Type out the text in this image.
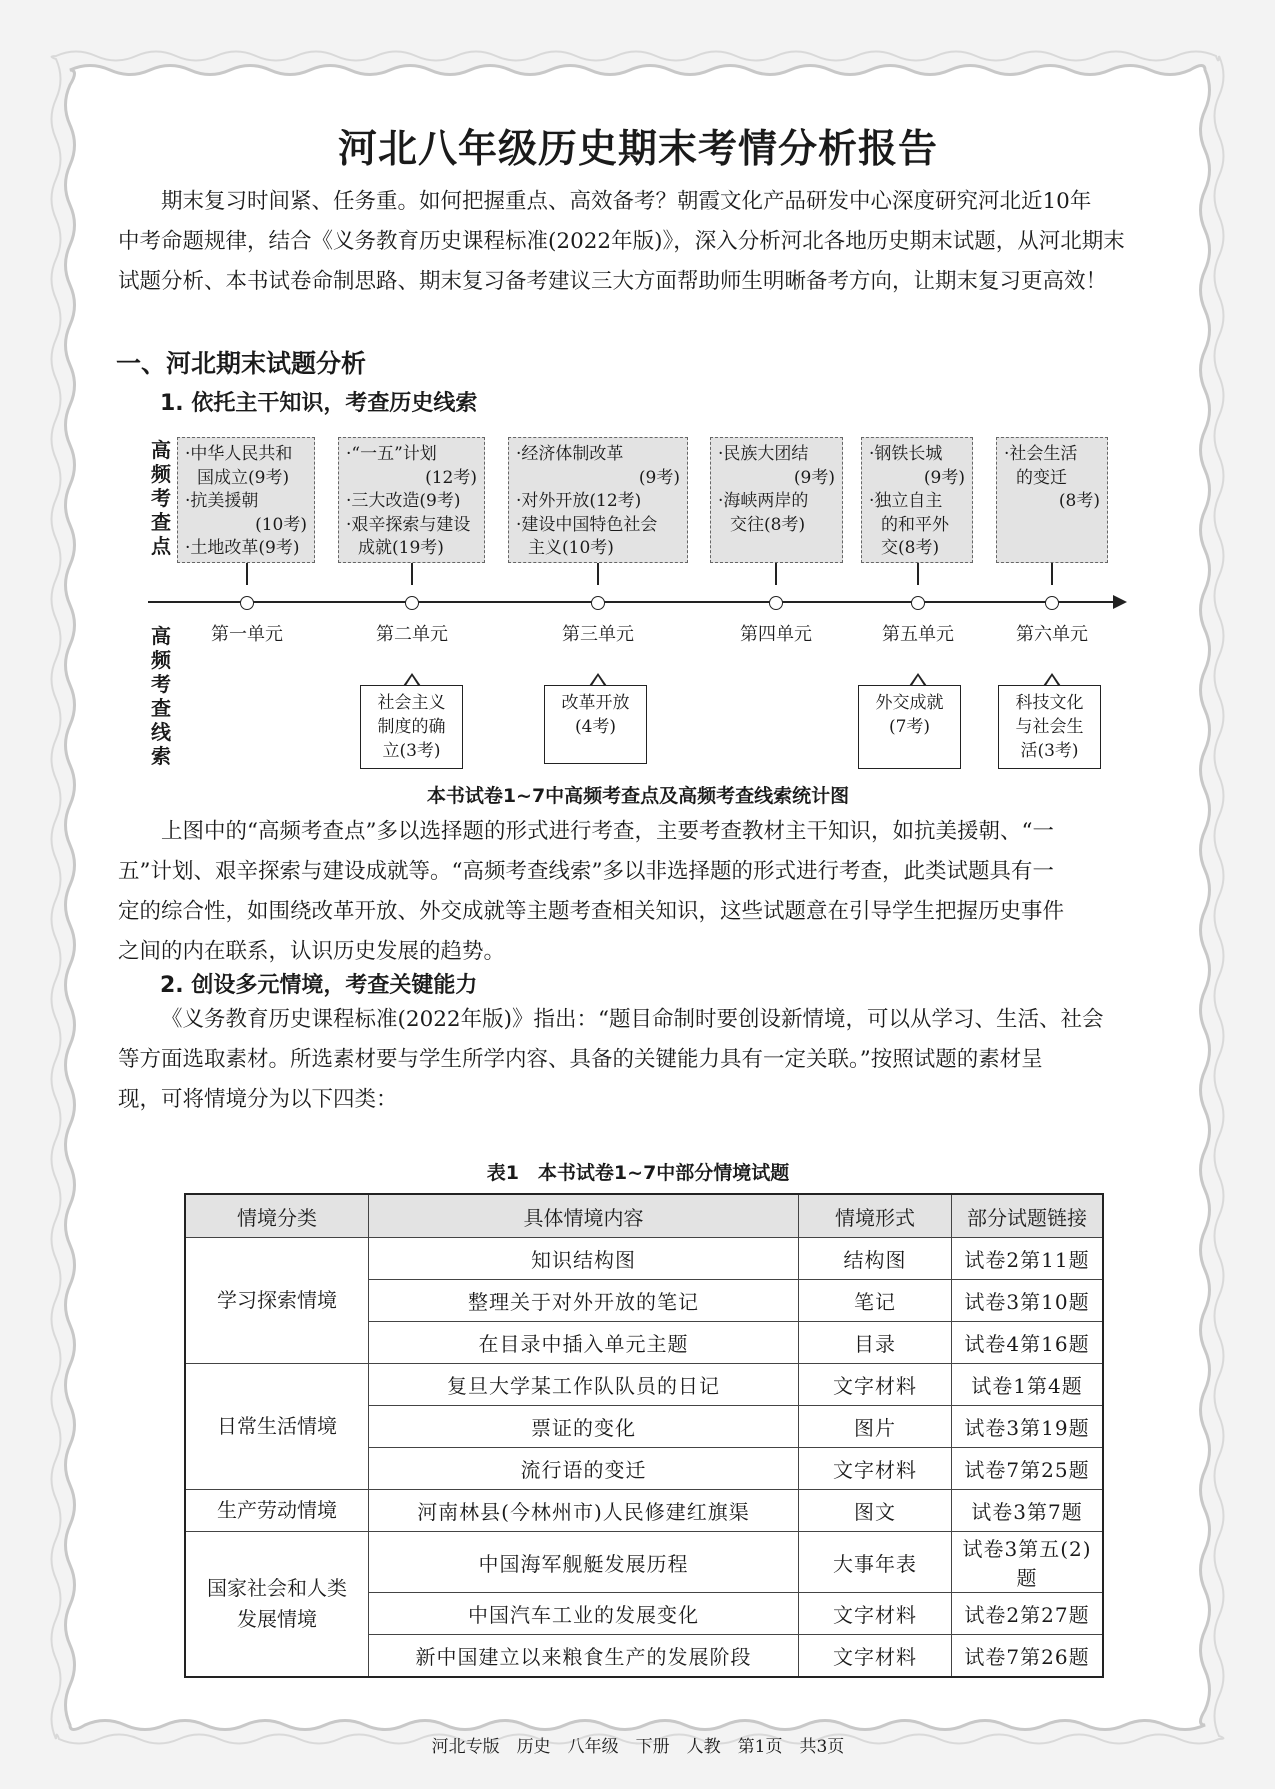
河北八年级历史期末考情分析报告
期末复习时间紧、任务重。如何把握重点、高效备考？朝霞文化产品研发中心深度研究河北近10年
中考命题规律，结合《义务教育历史课程标准(2022年版)》，深入分析河北各地历史期末试题，从河北期末
试题分析、本书试卷命制思路、期末复习备考建议三大方面帮助师生明晰备考方向，让期末复习更高效！
一、河北期末试题分析
1. 依托主干知识，考查历史线索
高
频
考
查
点
高
频
考
查
线
索
·中华人民共和
国成立(9考)
·抗美援朝
(10考)
·土地改革(9考)
·“一五”计划
(12考)
·三大改造(9考)
·艰辛探索与建设
成就(19考)
·经济体制改革
(9考)
·对外开放(12考)
·建设中国特色社会
主义(10考)
·民族大团结
(9考)
·海峡两岸的
交往(8考)
·钢铁长城
(9考)
·独立自主
的和平外
交(8考)
·社会生活
的变迁
(8考)
第一单元	第二单元	第三单元	第四单元	第五单元	第六单元
社会主义
制度的确
立(3考)
改革开放
(4考)
外交成就
(7考)

科技文化
与社会生
活(3考)
本书试卷1~7中高频考查点及高频考查线索统计图
上图中的“高频考查点”多以选择题的形式进行考查，主要考查教材主干知识，如抗美援朝、“一
五”计划、艰辛探索与建设成就等。“高频考查线索”多以非选择题的形式进行考查，此类试题具有一
定的综合性，如围绕改革开放、外交成就等主题考查相关知识，这些试题意在引导学生把握历史事件
之间的内在联系，认识历史发展的趋势。
2. 创设多元情境，考查关键能力
《义务教育历史课程标准(2022年版)》指出：“题目命制时要创设新情境，可以从学习、生活、社会
等方面选取素材。所选素材要与学生所学内容、具备的关键能力具有一定关联。”按照试题的素材呈
现，可将情境分为以下四类：
表1　本书试卷1~7中部分情境试题
情境分类	具体情境内容	情境形式	部分试题链接
学习探索情境	知识结构图	结构图	试卷2第11题
	整理关于对外开放的笔记	笔记	试卷3第10题
	在目录中插入单元主题	目录	试卷4第16题
日常生活情境	复旦大学某工作队队员的日记	文字材料	试卷1第4题
	票证的变化	图片	试卷3第19题
	流行语的变迁	文字材料	试卷7第25题
生产劳动情境	河南林县(今林州市)人民修建红旗渠	图文	试卷3第7题

国家社会和人类
发展情境	中国海军舰艇发展历程	大事年表	试卷3第五(2)题
	中国汽车工业的发展变化	文字材料	试卷2第27题
	新中国建立以来粮食生产的发展阶段	文字材料	试卷7第26题
河北专版　历史　八年级　下册　人教　第1页　共3页
